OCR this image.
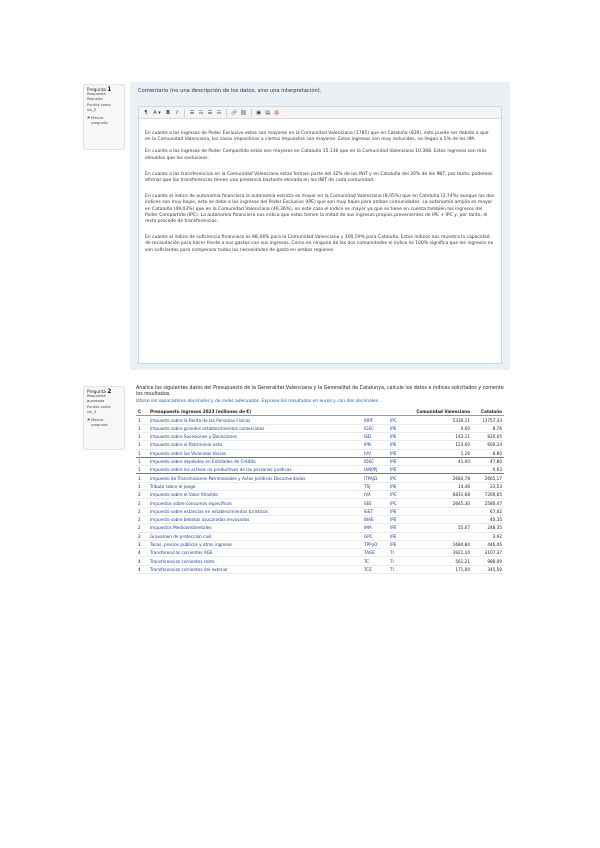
Pregunta 1
Respuesta
Resuelta
Puntúa como
sin_5
⚑ Marcar
pregunta
Comentario (no una descripción de los datos, sino una interpretación).
¶	A ▾	B	I	☰ ☷ ☰ ☷	🔗 ⛓	▣ ▤ ▥

En cuanto a los ingresos de Poder Exclusivo estos son mayores en la Comunidad Valenciana (1785) que en Cataluña (836), esto puede ser debido a que en la Comunidad Valenciana, los casos impositivos a ciertos impuestos son mayores. Estos ingresos son muy reducidos, no llegan a 5% de los IIM.

En cuanto a los ingresos de Poder Compartido estos son mayores en Cataluña 15.136 que en la Comunidad Valenciana 10.368. Estos ingresos son más elevados que los exclusivos.

En cuanto a las transferencias en la Comunidad Valenciana estas forman parte del 32% de los INIT y en Cataluña del 20% de los INIT, por tanto, podemos afirmar que las transferencias tienen una presencia bastante elevada en los INIT de cada comunidad.

En cuanto al índice de autonomía financiera la autonomía estricta es mayor en la Comunidad Valenciana (8,05%) que en Cataluña (2,74%) aunque los dos índices son muy bajos, esto se debe a los ingresos del Poder Exclusivo (IPE) que son muy bajos para ambas comunidades. La autonomía amplia es mayor en Cataluña (49,03%) que en la Comunidad Valenciana (46,36%), en este caso el índice es mayor ya que se tiene en cuenta también los ingresos del Poder Compartido (IPC). La autonomía financiera nos indica que estas tienen la mitad de sus ingresos propios provenientes de IPE + IPC y, por tanto, el resto procede de transferencias.

En cuanto al índice de suficiencia financiera es 98,44% para la Comunidad Valenciana y 100,59% para Cataluña. Estos índices nos muestra la capacidad de recaudación para hacer frente a sus gastos con sus ingresos. Como en ninguna de las dos comunidades el índice es 100% significa que los ingresos no son suficientes para compensar todas las necesidades de gasto en ambas regiones.

Pregunta 2
Respuesta
guardada
Puntúa como
sin_5
⚑ Marcar
pregunta
Analice los siguientes datos del Presupuesto de la Generalitat Valenciana y la Generalitat de Catalunya, calcule los datos e índices solicitados y comente los resultados.
Utilice los separadores decimales y de miles adecuados. Exprese los resultados en euros y con dos decimales.
C	Presupuesto ingresos 2023 (millones de €)			Comunidad Valenciana	Cataluña
1	Impuesto sobre la Renta de las Personas Físicas	IRPF	IPC	5330,11	13757,33
1	Impuesto sobre grandes establecimientos comerciales	IGEC	IPE	0,00	8,76
1	Impuesto sobre Sucesiones y Donaciones	ISD	IPE	143,11	820,05
1	Impuesto sobre el Patrimonio neto	IPN	IPE	123,00	600,24
1	Impuesto sobre las Viviendas Vacías	IVV	IPE	1,26	8,80
1	Impuesto sobre depósitos en Entidades de Crédito	IDEC	IPE	41,00	47,80
1	Impuesto sobre los activos no productivos de las personas jurídicas	IANPPJ	IPE		0,63
1	Impuesto de Transmisiones Patrimoniales y Actos Jurídicos Documentados	ITPAJD	IPC	2684,78	2665,17
1	Tributo sobre el juego	TSJ	IPE	14,46	23,53
2	Impuesto sobre el Valor Añadido	IVA	IPC	6831,68	7266,65
2	Impuestos sobre consumos específicos	IIEE	IPC	2645,30	2580,47
2	Impuesto sobre estancias en establecimientos turísticos	IEET	IPE		67,02
2	Impuesto sobre bebidas azucaradas envasadas	IBAE	IPE		40,35
2	Impuestos Medioambientales	IMA	IPE	55,07	248,35
2	Gravamen de protección civil	GPC	IPE		3,92
3	Tasas, precios públicos y otros ingresos	TPPyO	IPE	1684,84	446,06
4	Transferencias corrientes AGE	TAGE	TI	3921,10	3107,37
4	Transferencias corrientes resto	TC	TI	561,21	988,09
4	Transferencias corrientes del exterior	TCE	TI	171,00	345,50
